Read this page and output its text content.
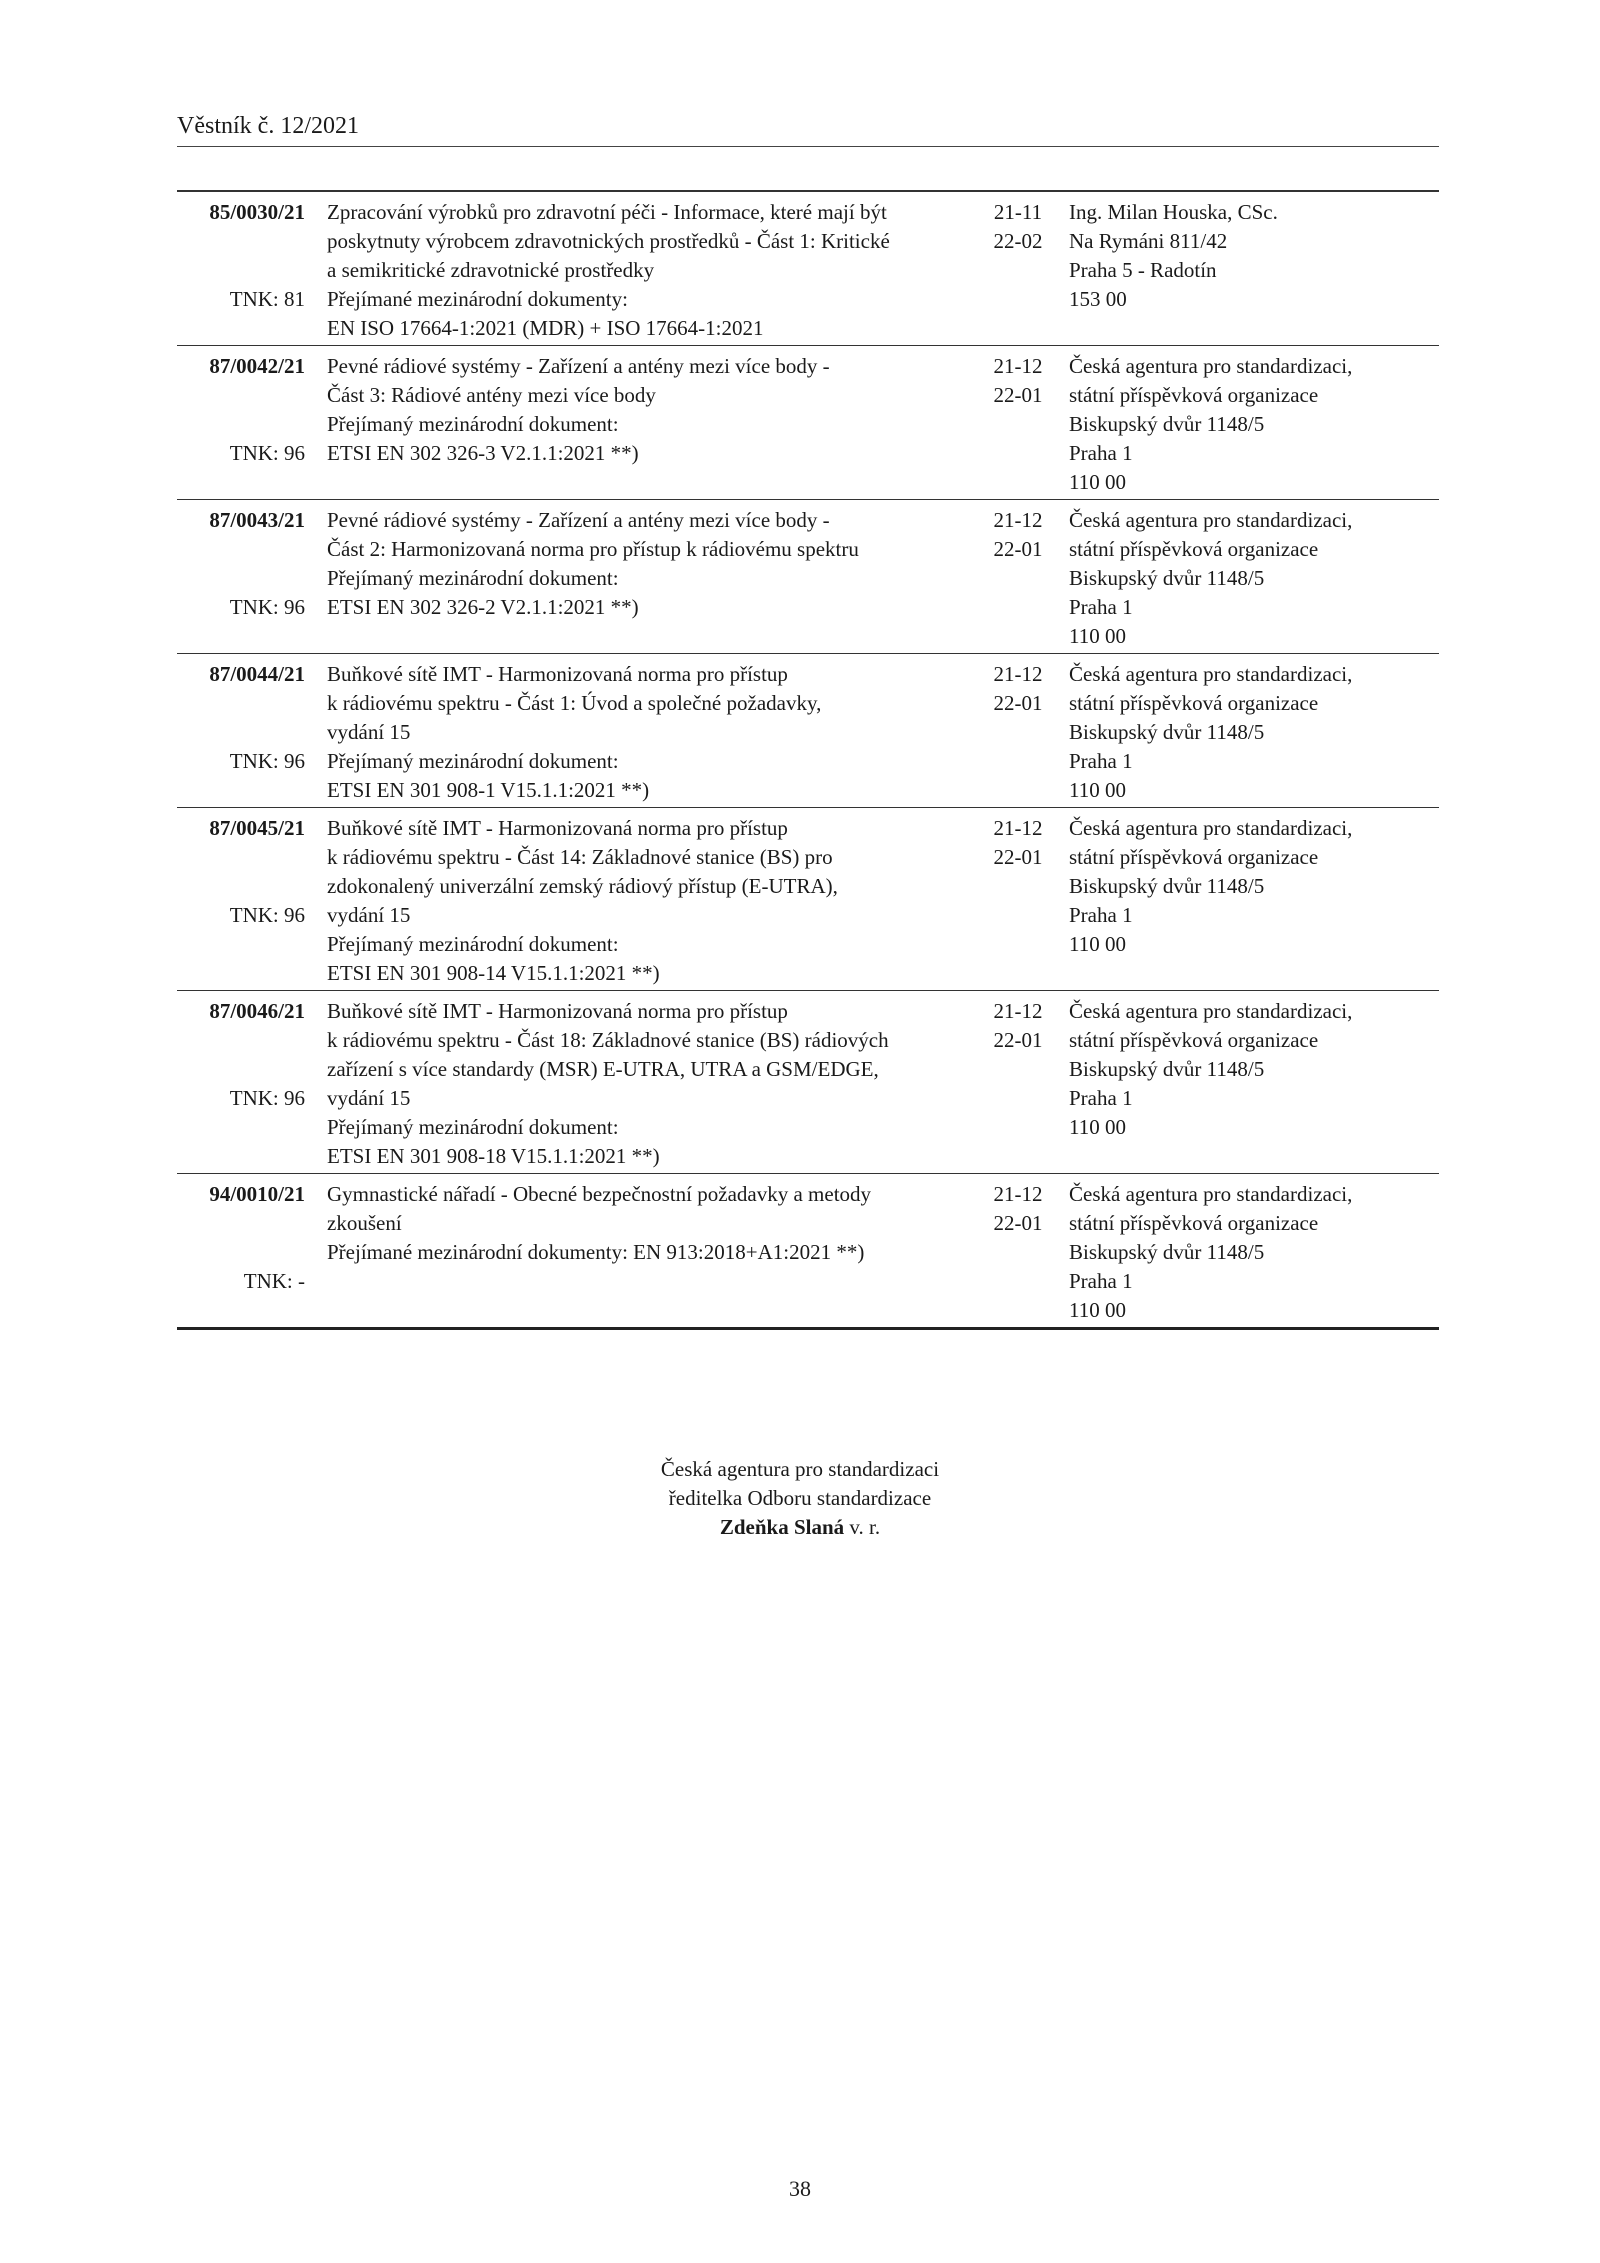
Věstník č. 12/2021
85/0030/21
TNK: 81
Zpracování výrobků pro zdravotní péči - Informace, které mají být
poskytnuty výrobcem zdravotnických prostředků - Část 1: Kritické
a semikritické zdravotnické prostředky
Přejímané mezinárodní dokumenty:
EN ISO 17664-1:2021 (MDR) + ISO 17664-1:2021
21-11
22-02
Ing. Milan Houska, CSc.
Na Rymáni 811/42
Praha 5 - Radotín
153 00
87/0042/21
TNK: 96
Pevné rádiové systémy - Zařízení a antény mezi více body -
Část 3: Rádiové antény mezi více body
Přejímaný mezinárodní dokument:
ETSI EN 302 326-3 V2.1.1:2021 **)
21-12
22-01
Česká agentura pro standardizaci,
státní příspěvková organizace
Biskupský dvůr 1148/5
Praha 1
110 00
87/0043/21
TNK: 96
Pevné rádiové systémy - Zařízení a antény mezi více body -
Část 2: Harmonizovaná norma pro přístup k rádiovému spektru
Přejímaný mezinárodní dokument:
ETSI EN 302 326-2 V2.1.1:2021 **)
21-12
22-01
Česká agentura pro standardizaci,
státní příspěvková organizace
Biskupský dvůr 1148/5
Praha 1
110 00
87/0044/21
TNK: 96
Buňkové sítě IMT - Harmonizovaná norma pro přístup
k rádiovému spektru - Část 1: Úvod a společné požadavky,
vydání 15
Přejímaný mezinárodní dokument:
ETSI EN 301 908-1 V15.1.1:2021 **)
21-12
22-01
Česká agentura pro standardizaci,
státní příspěvková organizace
Biskupský dvůr 1148/5
Praha 1
110 00
87/0045/21
TNK: 96
Buňkové sítě IMT - Harmonizovaná norma pro přístup
k rádiovému spektru - Část 14: Základnové stanice (BS) pro
zdokonalený univerzální zemský rádiový přístup (E-UTRA),
vydání 15
Přejímaný mezinárodní dokument:
ETSI EN 301 908-14 V15.1.1:2021 **)
21-12
22-01
Česká agentura pro standardizaci,
státní příspěvková organizace
Biskupský dvůr 1148/5
Praha 1
110 00
87/0046/21
TNK: 96
Buňkové sítě IMT - Harmonizovaná norma pro přístup
k rádiovému spektru - Část 18: Základnové stanice (BS) rádiových
zařízení s více standardy (MSR) E-UTRA, UTRA a GSM/EDGE,
vydání 15
Přejímaný mezinárodní dokument:
ETSI EN 301 908-18 V15.1.1:2021 **)
21-12
22-01
Česká agentura pro standardizaci,
státní příspěvková organizace
Biskupský dvůr 1148/5
Praha 1
110 00
94/0010/21
TNK: -
Gymnastické nářadí - Obecné bezpečnostní požadavky a metody
zkoušení
Přejímané mezinárodní dokumenty: EN 913:2018+A1:2021 **)
21-12
22-01
Česká agentura pro standardizaci,
státní příspěvková organizace
Biskupský dvůr 1148/5
Praha 1
110 00
Česká agentura pro standardizaci
ředitelka Odboru standardizace
Zdeňka Slaná v. r.
38
